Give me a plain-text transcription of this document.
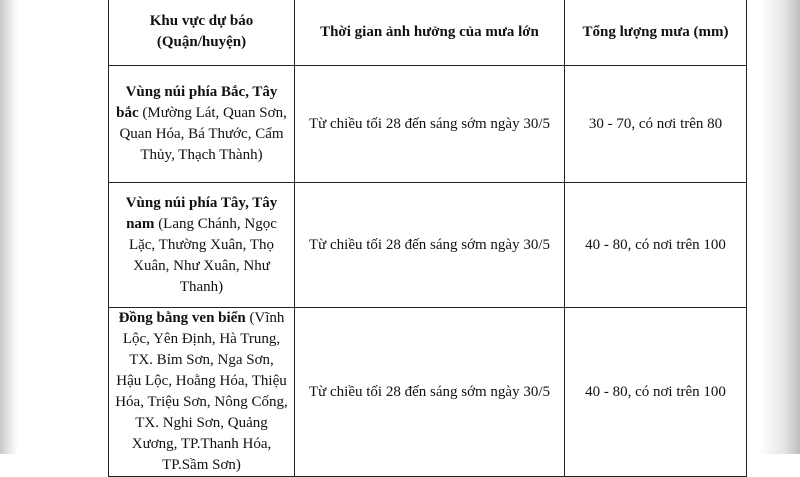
Khu vực dự báo
(Quận/huyện)	Thời gian ảnh hưởng của mưa lớn	Tổng lượng mưa (mm)
Vùng núi phía Bắc, Tây bắc (Mường Lát, Quan Sơn, Quan Hóa, Bá Thước, Cẩm Thủy, Thạch Thành)	Từ chiều tối 28 đến sáng sớm ngày 30/5	30 - 70, có nơi trên 80
Vùng núi phía Tây, Tây nam (Lang Chánh, Ngọc Lặc, Thường Xuân, Thọ Xuân, Như Xuân, Như Thanh)	Từ chiều tối 28 đến sáng sớm ngày 30/5	40 - 80, có nơi trên 100
Đồng bằng ven biển (Vĩnh Lộc, Yên Định, Hà Trung, TX. Bỉm Sơn, Nga Sơn, Hậu Lộc, Hoằng Hóa, Thiệu Hóa, Triệu Sơn, Nông Cống, TX. Nghi Sơn, Quảng Xương, TP.Thanh Hóa, TP.Sầm Sơn)	Từ chiều tối 28 đến sáng sớm ngày 30/5	40 - 80, có nơi trên 100
